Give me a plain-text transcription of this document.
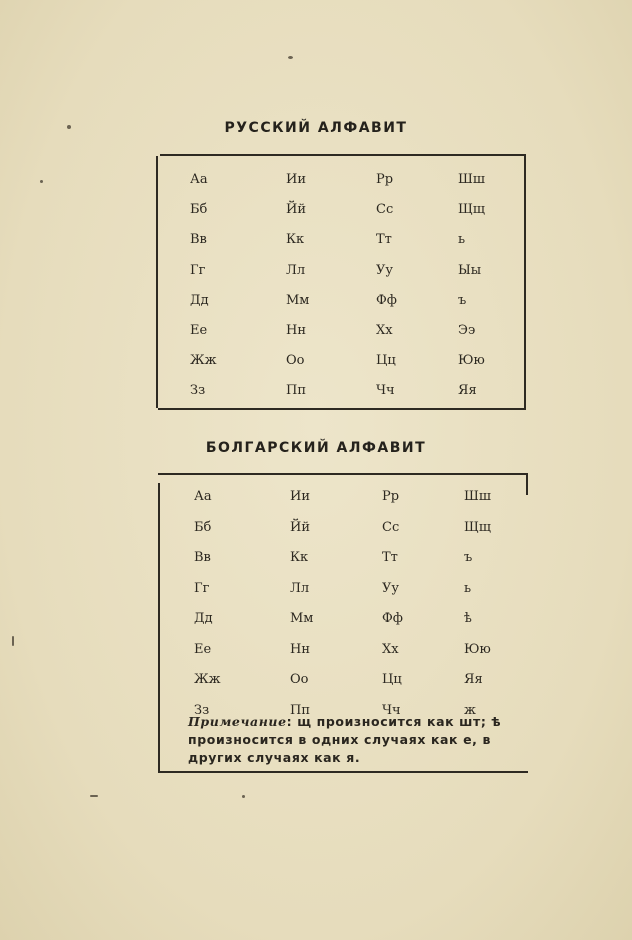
РУССКИЙ АЛФАВИТ
Аа
Бб
Вв
Гг
Дд
Ее
Жж
Зз
Ии
Йй
Кк
Лл
Мм
Нн
Оо
Пп
Рр
Сс
Тт
Уу
Фф
Хх
Цц
Чч
Шш
Щщ
ь
Ыы
ъ
Ээ
Юю
Яя
БОЛГАРСКИЙ АЛФАВИТ
Аа
Бб
Вв
Гг
Дд
Ее
Жж
Зз
Ии
Йй
Кк
Лл
Мм
Нн
Оо
Пп
Рр
Сс
Тт
Уу
Фф
Хх
Цц
Чч
Шш
Щщ
ъ
ь
ѣ
Юю
Яя
ж
Примечание: щ произносится как шт; ѣ произносится в одних случаях как е, в других случаях как я.
